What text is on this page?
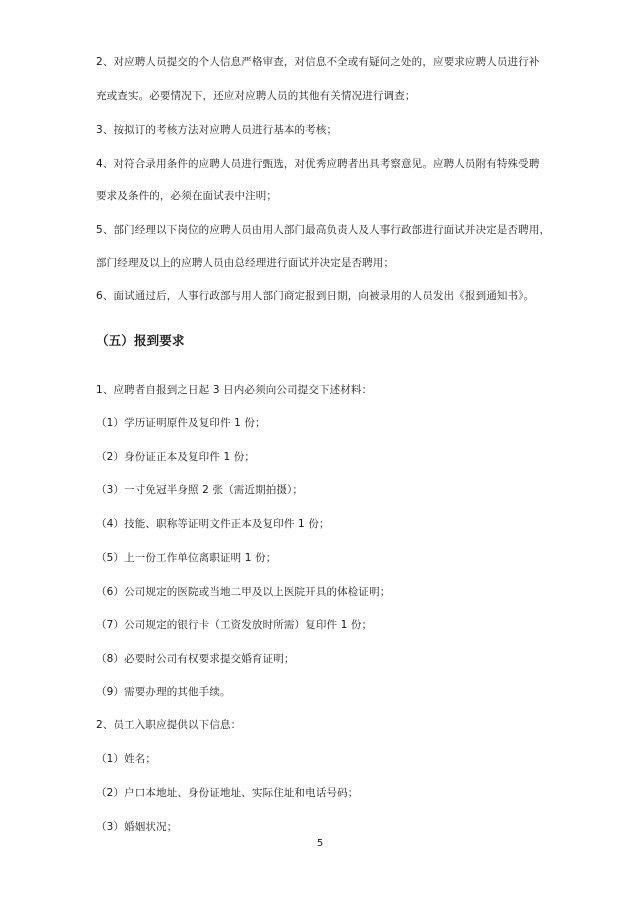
2、对应聘人员提交的个人信息严格审查，对信息不全或有疑问之处的，应要求应聘人员进行补
充或查实。必要情况下，还应对应聘人员的其他有关情况进行调查；
3、按拟订的考核方法对应聘人员进行基本的考核；
4、对符合录用条件的应聘人员进行甄选，对优秀应聘者出具考察意见。应聘人员附有特殊受聘
要求及条件的，必须在面试表中注明；
5、部门经理以下岗位的应聘人员由用人部门最高负责人及人事行政部进行面试并决定是否聘用，
部门经理及以上的应聘人员由总经理进行面试并决定是否聘用；
6、面试通过后，人事行政部与用人部门商定报到日期，向被录用的人员发出《报到通知书》。
（五）报到要求
1、应聘者自报到之日起 3 日内必须向公司提交下述材料：
（1）学历证明原件及复印件 1 份；
（2）身份证正本及复印件 1 份；
（3）一寸免冠半身照 2 张（需近期拍摄）；
（4）技能、职称等证明文件正本及复印件 1 份；
（5）上一份工作单位离职证明 1 份；
（6）公司规定的医院或当地二甲及以上医院开具的体检证明；
（7）公司规定的银行卡（工资发放时所需）复印件 1 份；
（8）必要时公司有权要求提交婚育证明；
（9）需要办理的其他手续。
2、员工入职应提供以下信息：
（1）姓名；
（2）户口本地址、身份证地址、实际住址和电话号码；
（3）婚姻状况；
5
